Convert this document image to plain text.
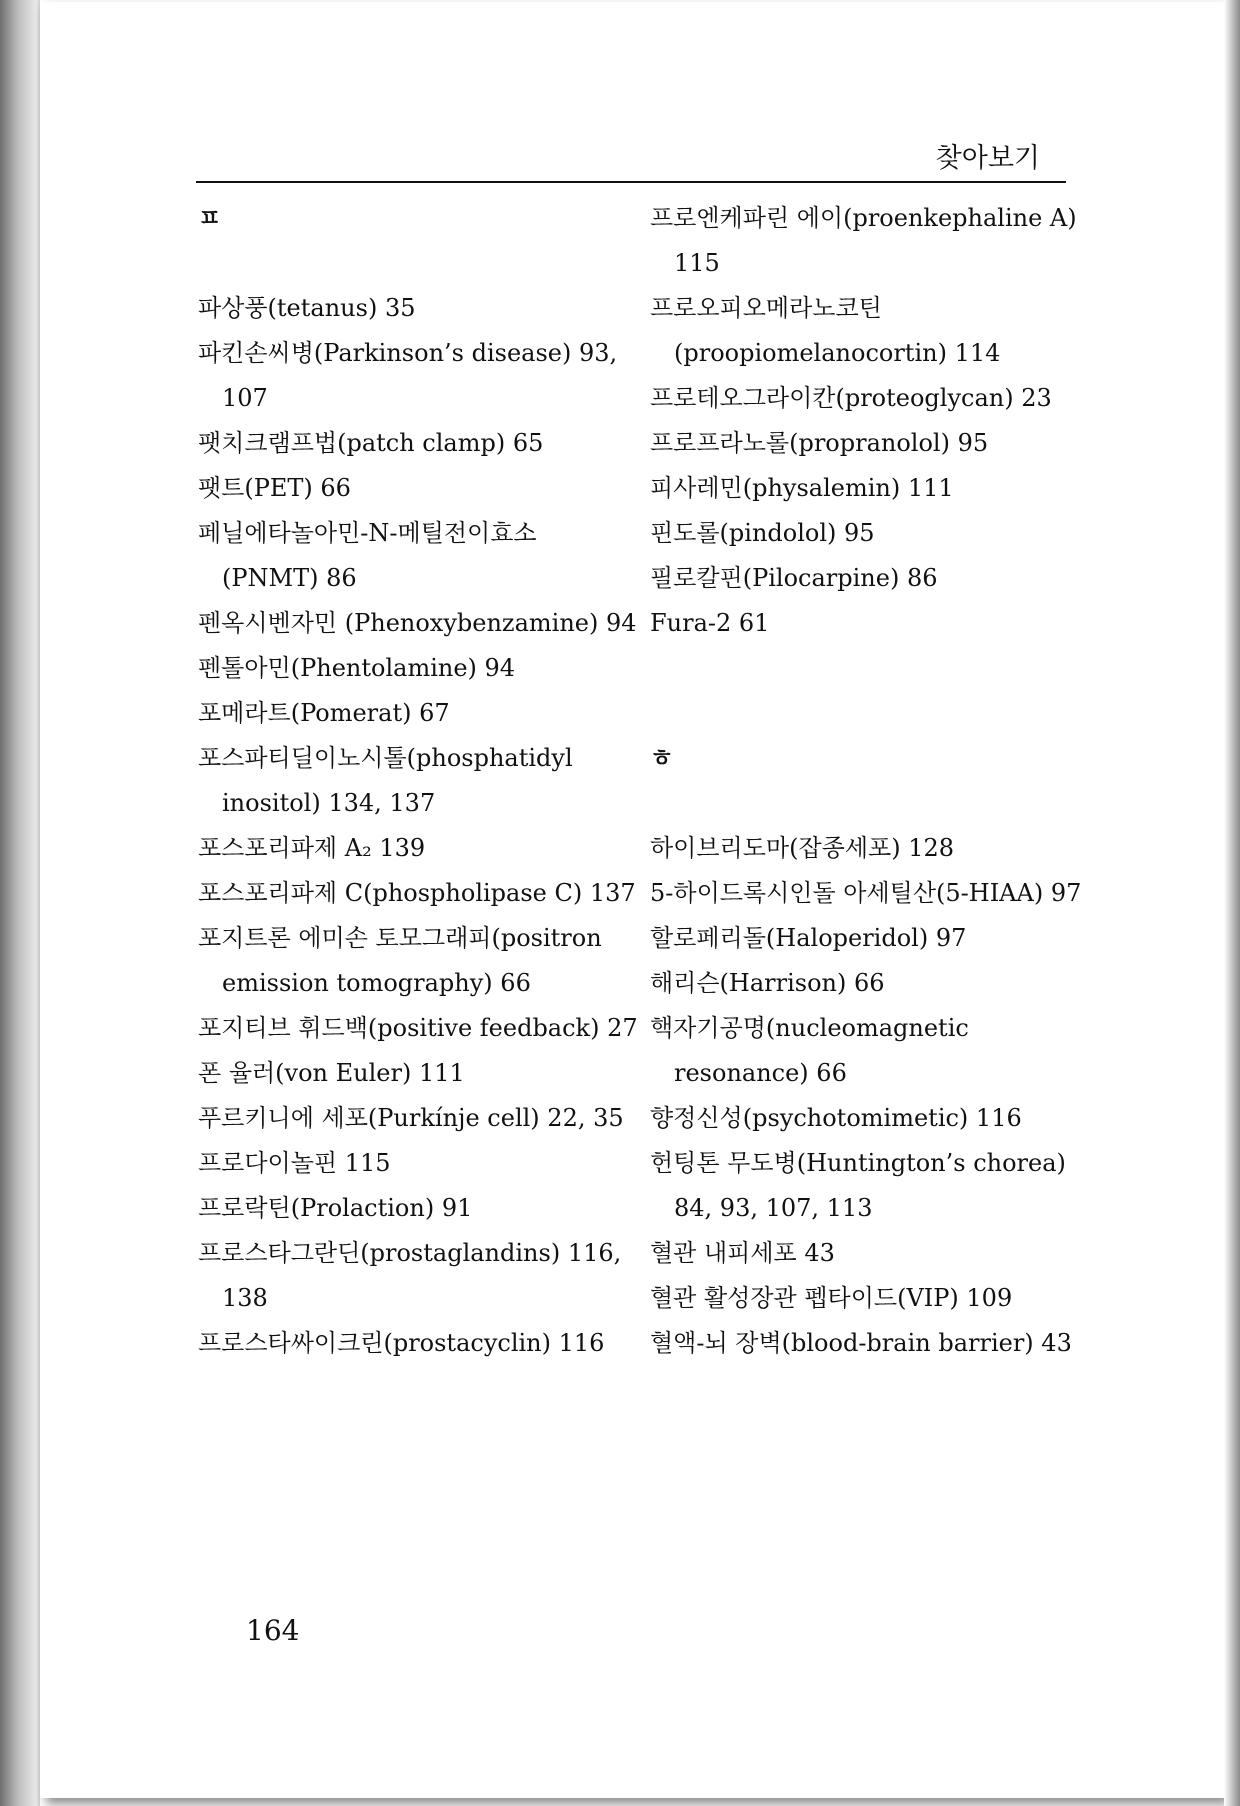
찾아보기
ㅍ
파상풍(tetanus) 35
파킨손씨병(Parkinson’s disease) 93, 107
팻치크램프법(patch clamp) 65
팻트(PET) 66
페닐에타놀아민-N-메틸전이효소 (PNMT) 86
펜옥시벤자민 (Phenoxybenzamine) 94
펜톨아민(Phentolamine) 94
포메라트(Pomerat) 67
포스파티딜이노시톨(phosphatidyl inositol) 134, 137
포스포리파제 A₂ 139
포스포리파제 C(phospholipase C) 137
포지트론 에미손 토모그래피(positron emission tomography) 66
포지티브 휘드백(positive feedback) 27
폰 율러(von Euler) 111
푸르키니에 세포(Purkínje cell) 22, 35
프로다이놀핀 115
프로락틴(Prolaction) 91
프로스타그란딘(prostaglandins) 116, 138
프로스타싸이크린(prostacyclin) 116
프로엔케파린 에이(proenkephaline A) 115
프로오피오메라노코틴(proopiomelanocortin) 114
프로테오그라이칸(proteoglycan) 23
프로프라노롤(propranolol) 95
피사레민(physalemin) 111
핀도롤(pindolol) 95
필로칼핀(Pilocarpine) 86
Fura-2 61
ㅎ
하이브리도마(잡종세포) 128
5-하이드록시인돌 아세틸산(5-HIAA) 97
할로페리돌(Haloperidol) 97
해리슨(Harrison) 66
핵자기공명(nucleomagnetic resonance) 66
향정신성(psychotomimetic) 116
헌팅톤 무도병(Huntington’s chorea) 84, 93, 107, 113
혈관 내피세포 43
혈관 활성장관 펩타이드(VIP) 109
혈액-뇌 장벽(blood-brain barrier) 43
164
